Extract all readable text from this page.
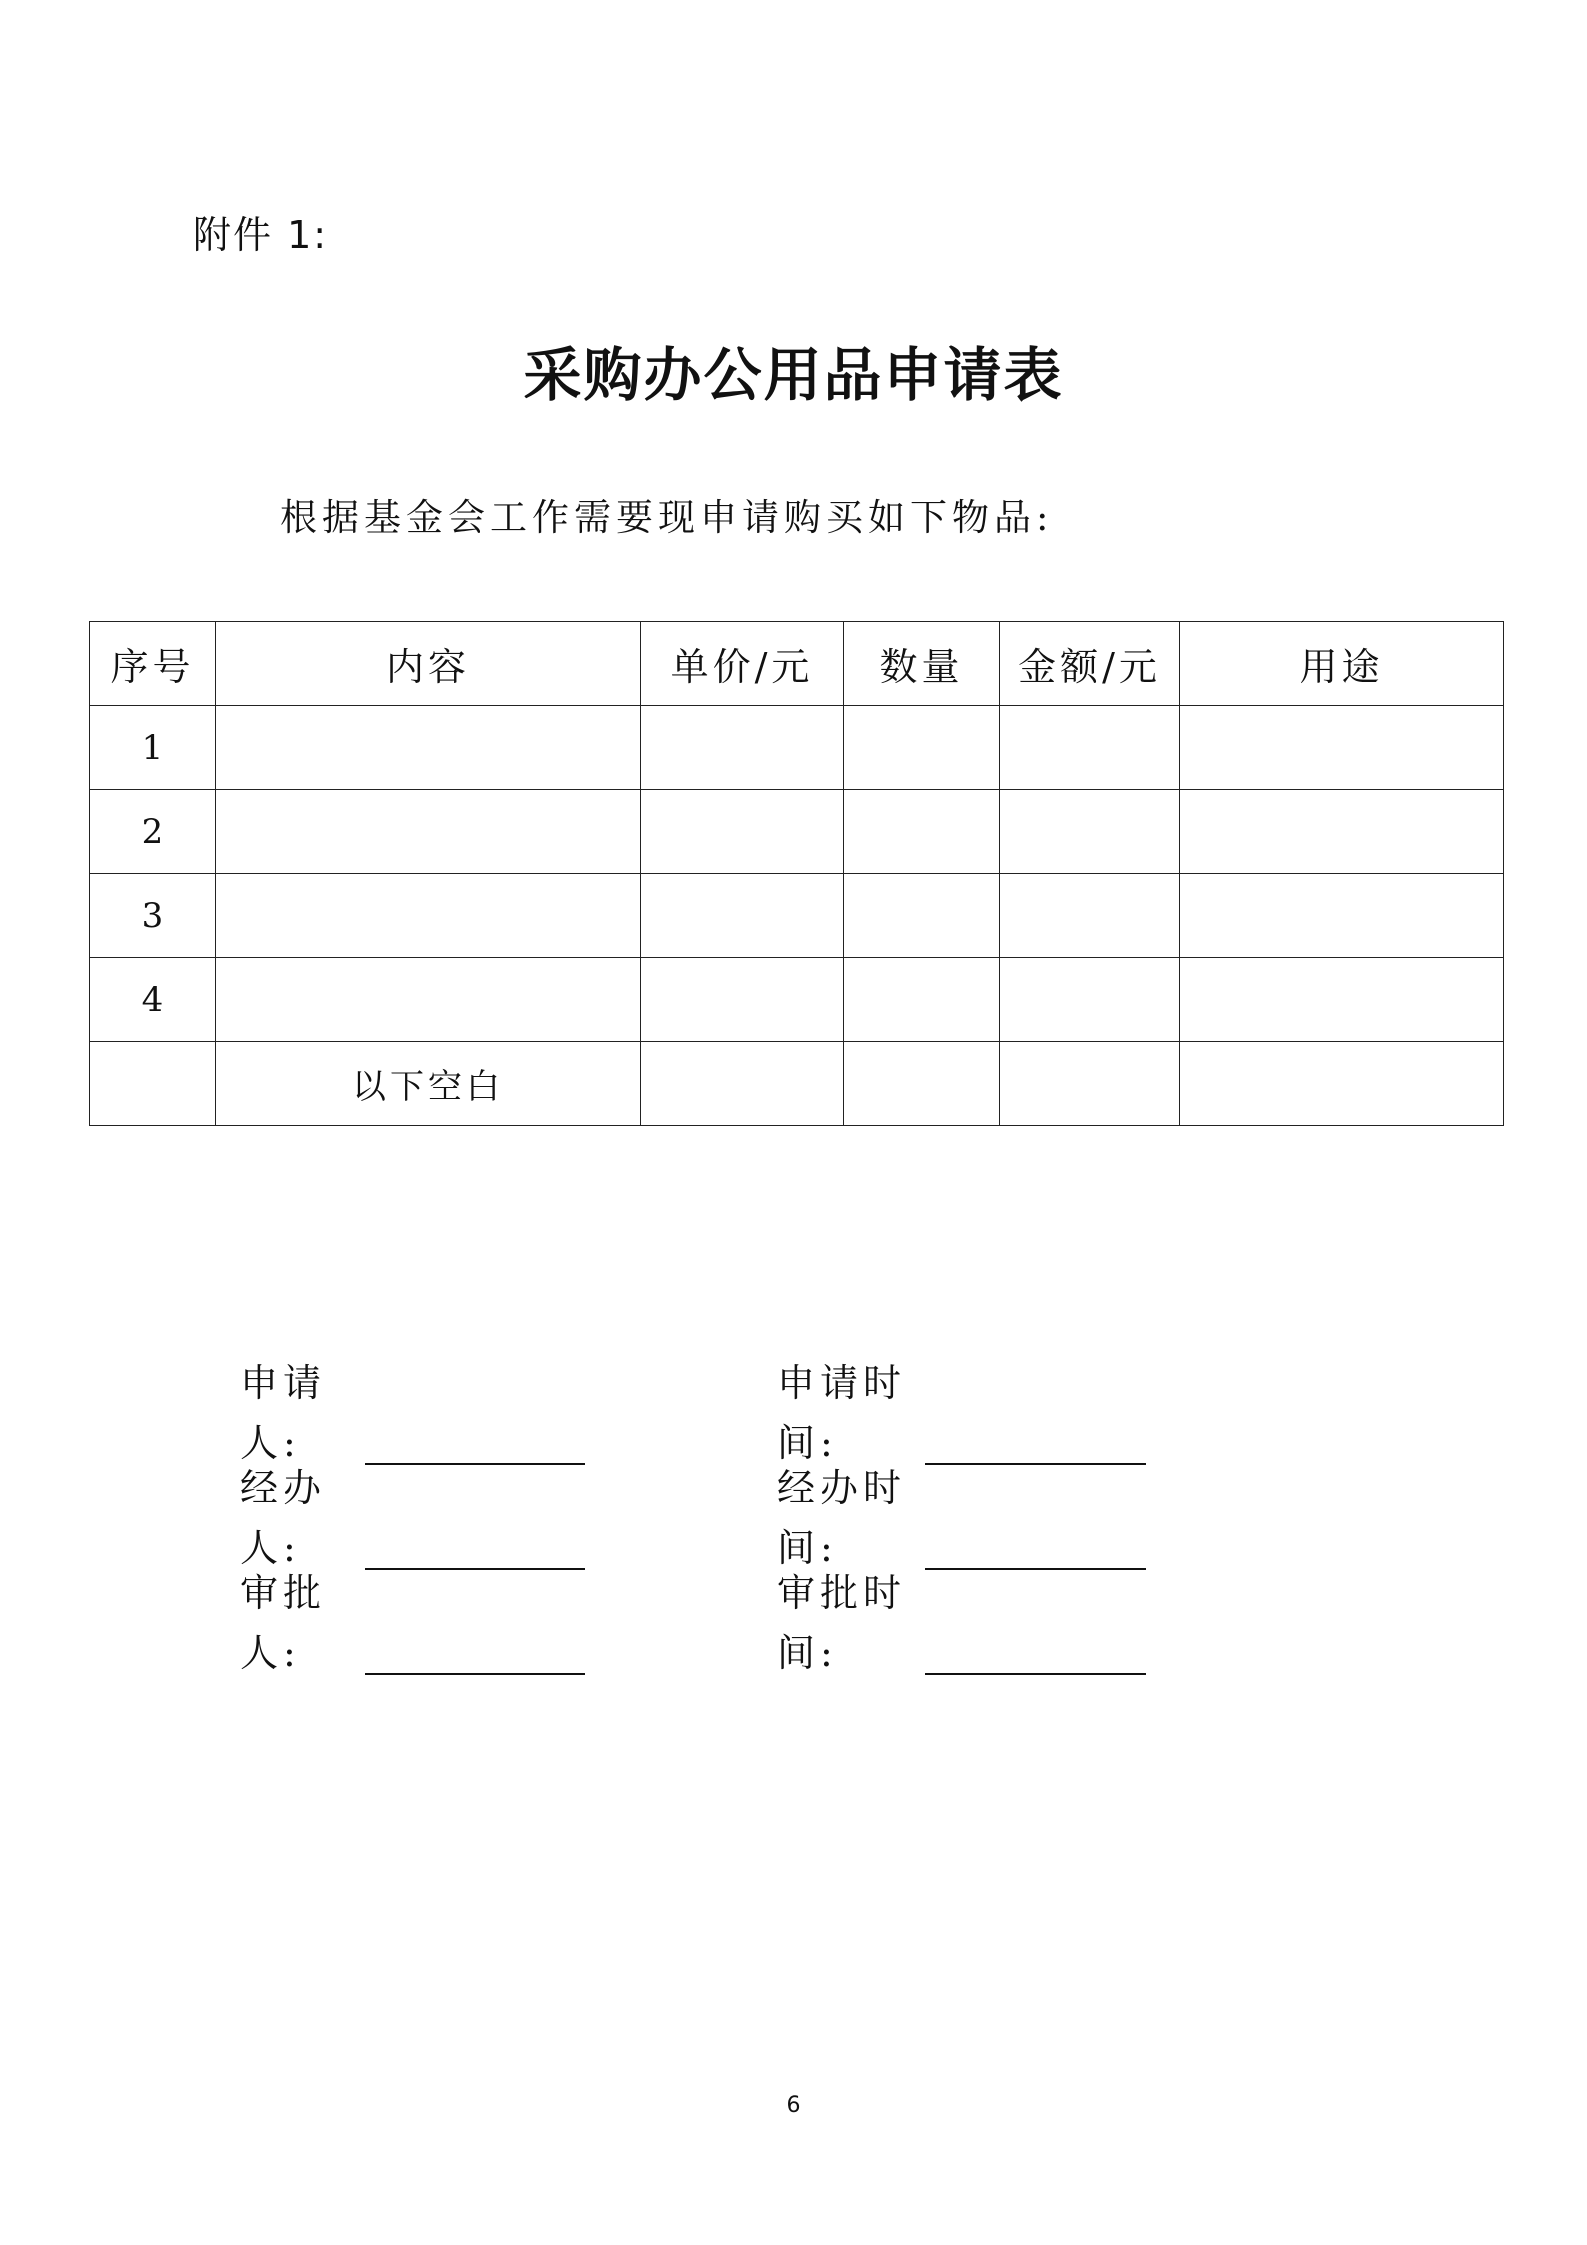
附件 1:
采购办公用品申请表
根据基金会工作需要现申请购买如下物品:
序号	内容	单价/元	数量	金额/元	用途
1					
2					
3					
4					
	以下空白				
申请人:
申请时间:
经办人:
经办时间:
审批人:
审批时间:
6
